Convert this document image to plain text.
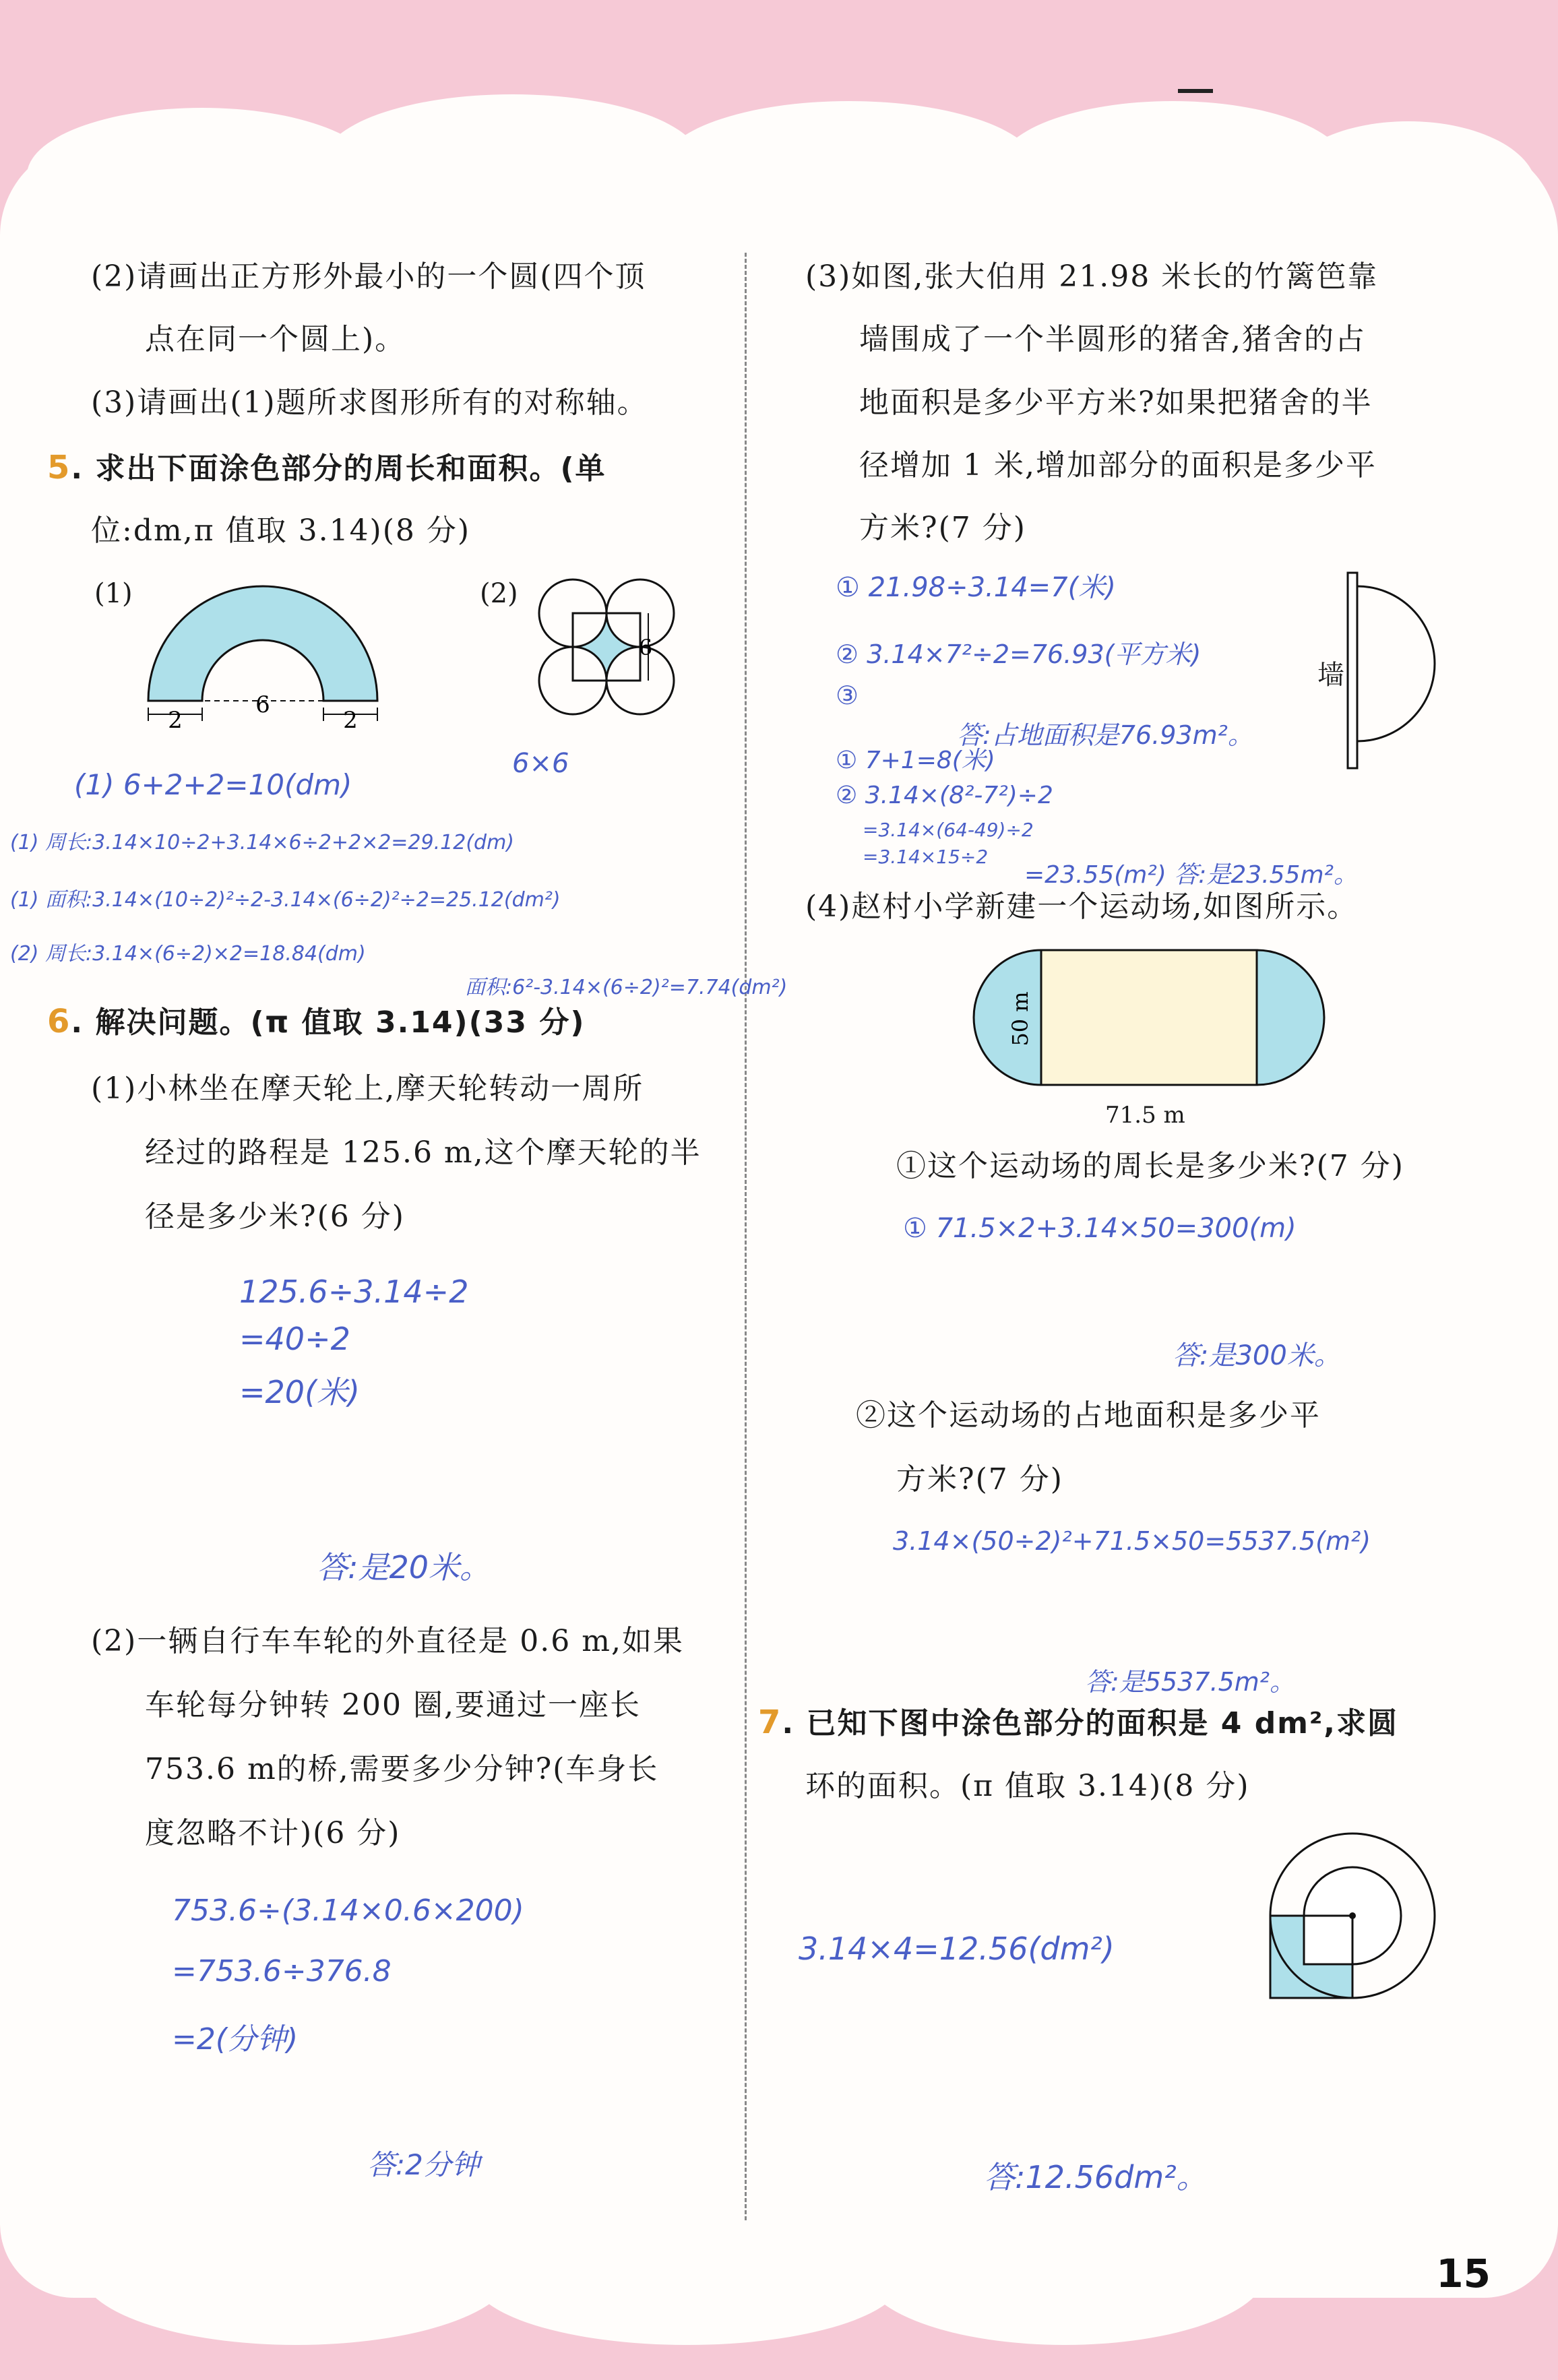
15
(2)请画出正方形外最小的一个圆(四个顶
点在同一个圆上)。
(3)请画出(1)题所求图形所有的对称轴。
5. 求出下面涂色部分的周长和面积。(单
位:dm,π 值取 3.14)(8 分)
(1)	(2)
2
6
2
6
6×6
(1) 6+2+2=10(dm)
(1) 周长:3.14×10÷2+3.14×6÷2+2×2=29.12(dm)
(1) 面积:3.14×(10÷2)²÷2-3.14×(6÷2)²÷2=25.12(dm²)
(2) 周长:3.14×(6÷2)×2=18.84(dm)
面积:6²-3.14×(6÷2)²=7.74(dm²)
6. 解决问题。(π 值取 3.14)(33 分)
(1)小林坐在摩天轮上,摩天轮转动一周所
经过的路程是 125.6 m,这个摩天轮的半
径是多少米?(6 分)
125.6÷3.14÷2
=40÷2
=20(米)
答:是20米。
(2)一辆自行车车轮的外直径是 0.6 m,如果
车轮每分钟转 200 圈,要通过一座长
753.6 m的桥,需要多少分钟?(车身长
度忽略不计)(6 分)
753.6÷(3.14×0.6×200)
=753.6÷376.8
=2(分钟)
答:2分钟
(3)如图,张大伯用 21.98 米长的竹篱笆靠
墙围成了一个半圆形的猪舍,猪舍的占
地面积是多少平方米?如果把猪舍的半
径增加 1 米,增加部分的面积是多少平
方米?(7 分)
墙
① 21.98÷3.14=7(米)
② 3.14×7²÷2=76.93(平方米)
③
答:占地面积是76.93m²。
① 7+1=8(米)
② 3.14×(8²-7²)÷2
=3.14×(64-49)÷2
=3.14×15÷2
=23.55(m²) 答:是23.55m²。
(4)赵村小学新建一个运动场,如图所示。
50 m
71.5 m
①这个运动场的周长是多少米?(7 分)
① 71.5×2+3.14×50=300(m)
答:是300米。
②这个运动场的占地面积是多少平
方米?(7 分)
3.14×(50÷2)²+71.5×50=5537.5(m²)
答:是5537.5m²。
7. 已知下图中涂色部分的面积是 4 dm²,求圆
环的面积。(π 值取 3.14)(8 分)
3.14×4=12.56(dm²)
答:12.56dm²。
